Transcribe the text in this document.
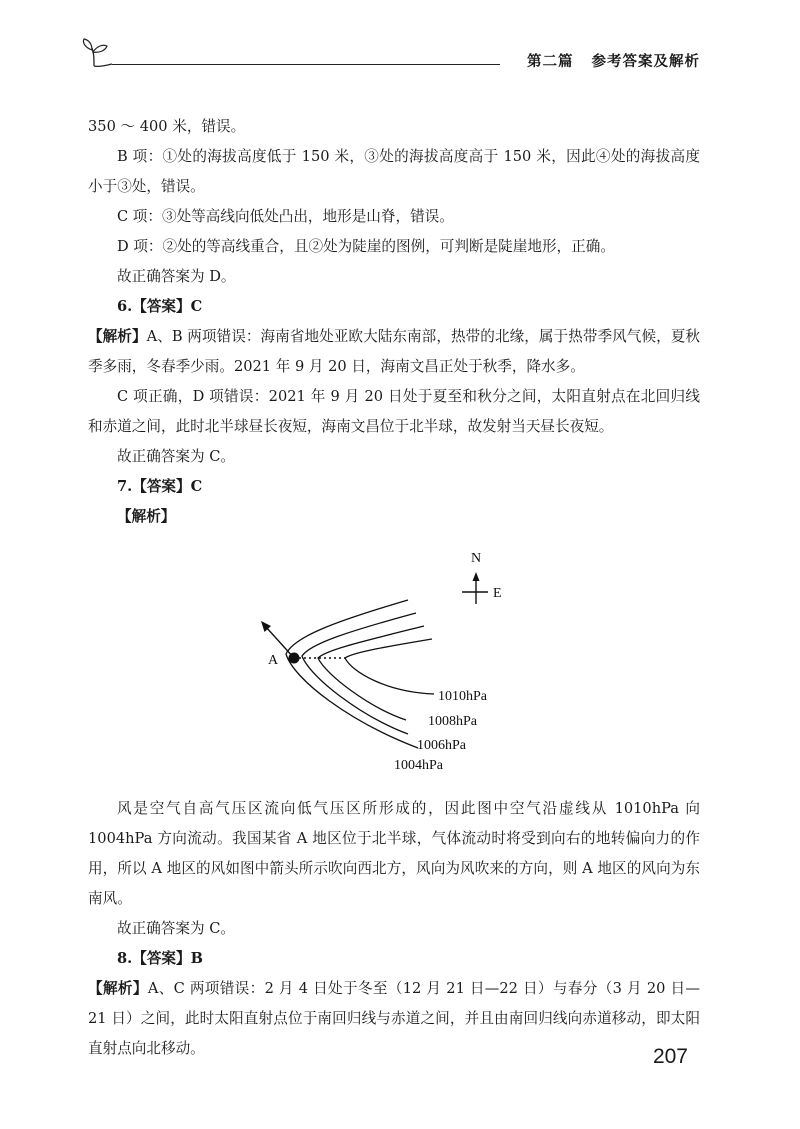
第二篇 参考答案及解析

350 ～ 400 米，错误。

B 项：①处的海拔高度低于 150 米，③处的海拔高度高于 150 米，因此④处的海拔高度小于③处，错误。

C 项：③处等高线向低处凸出，地形是山脊，错误。

D 项：②处的等高线重合，且②处为陡崖的图例，可判断是陡崖地形，正确。

故正确答案为 D。

6.【答案】C

【解析】A、B 两项错误：海南省地处亚欧大陆东南部，热带的北缘，属于热带季风气候，夏秋季多雨，冬春季少雨。2021 年 9 月 20 日，海南文昌正处于秋季，降水多。

C 项正确，D 项错误：2021 年 9 月 20 日处于夏至和秋分之间，太阳直射点在北回归线和赤道之间，此时北半球昼长夜短，海南文昌位于北半球，故发射当天昼长夜短。

故正确答案为 C。

7.【答案】C

【解析】

N
E
A
1010hPa
1008hPa
1006hPa
1004hPa

风是空气自高气压区流向低气压区所形成的，因此图中空气沿虚线从 1010hPa 向 1004hPa 方向流动。我国某省 A 地区位于北半球，气体流动时将受到向右的地转偏向力的作用，所以 A 地区的风如图中箭头所示吹向西北方，风向为风吹来的方向，则 A 地区的风向为东南风。

故正确答案为 C。

8.【答案】B

【解析】A、C 两项错误：2 月 4 日处于冬至（12 月 21 日—22 日）与春分（3 月 20 日—21 日）之间，此时太阳直射点位于南回归线与赤道之间，并且由南回归线向赤道移动，即太阳直射点向北移动。	207
